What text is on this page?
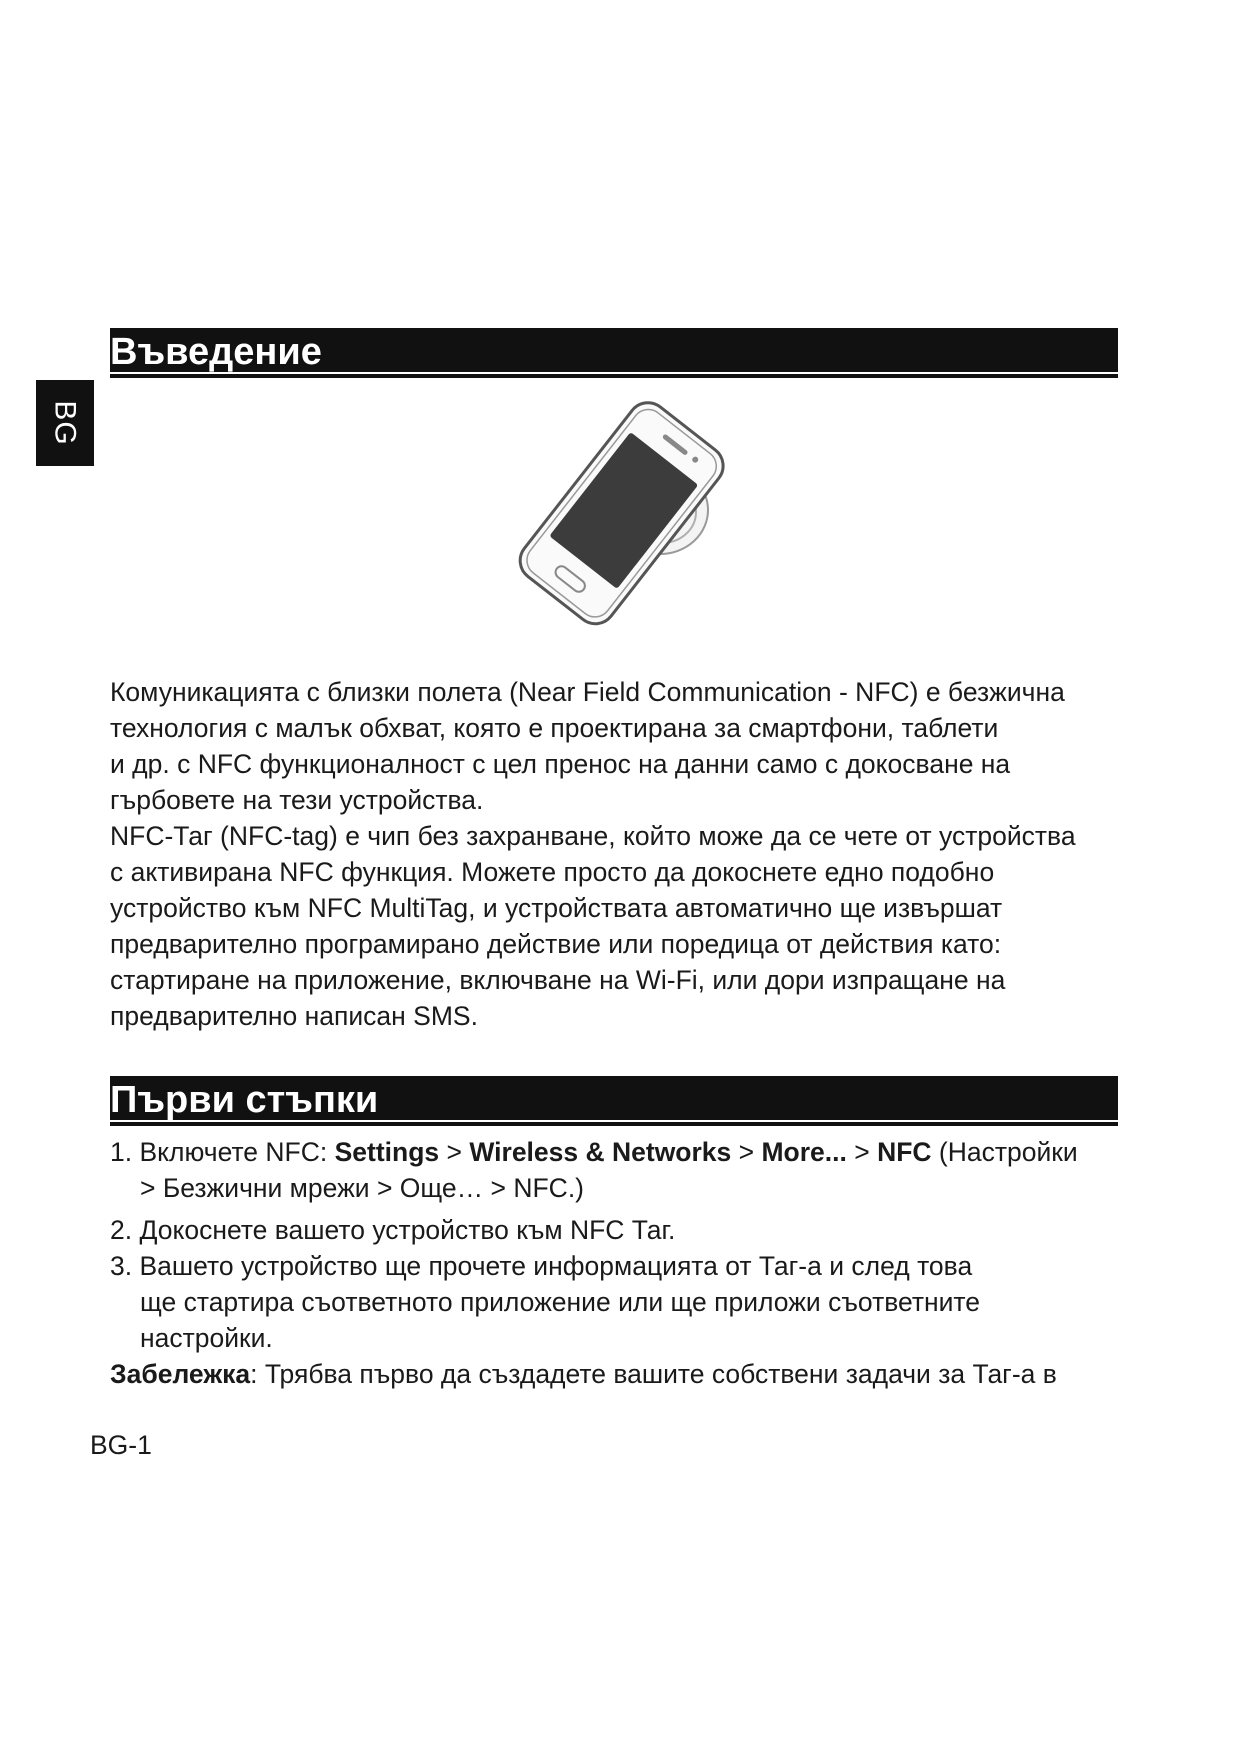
BG
Въведение
Комуникацията с близки полета (Near Field Communication - NFC) е безжична
технология с малък обхват, която е проектирана за смартфони, таблети
и др. с NFC функционалност с цел пренос на данни само с докосване на
гърбовете на тези устройства.
NFC-Таг (NFC-tag) е чип без захранване, който може да се чете от устройства
с активирана NFC функция. Можете просто да докоснете едно подобно
устройство към NFC MultiTag, и устройствата автоматично ще извършат
предварително програмирано действие или поредица от действия като:
стартиране на приложение, включване на Wi-Fi, или дори изпращане на
предварително написан SMS.
Първи стъпки
1. Включете NFC: Settings > Wireless & Networks > More... > NFC (Настройки
> Безжични мрежи > Още… > NFC.)
2. Докоснете вашето устройство към NFC Таг.
3. Вашето устройство ще прочете информацията от Таг-а и след това
ще стартира съответното приложение или ще приложи съответните
настройки.
Забележка: Трябва първо да създадете вашите собствени задачи за Таг-а в
BG-1
